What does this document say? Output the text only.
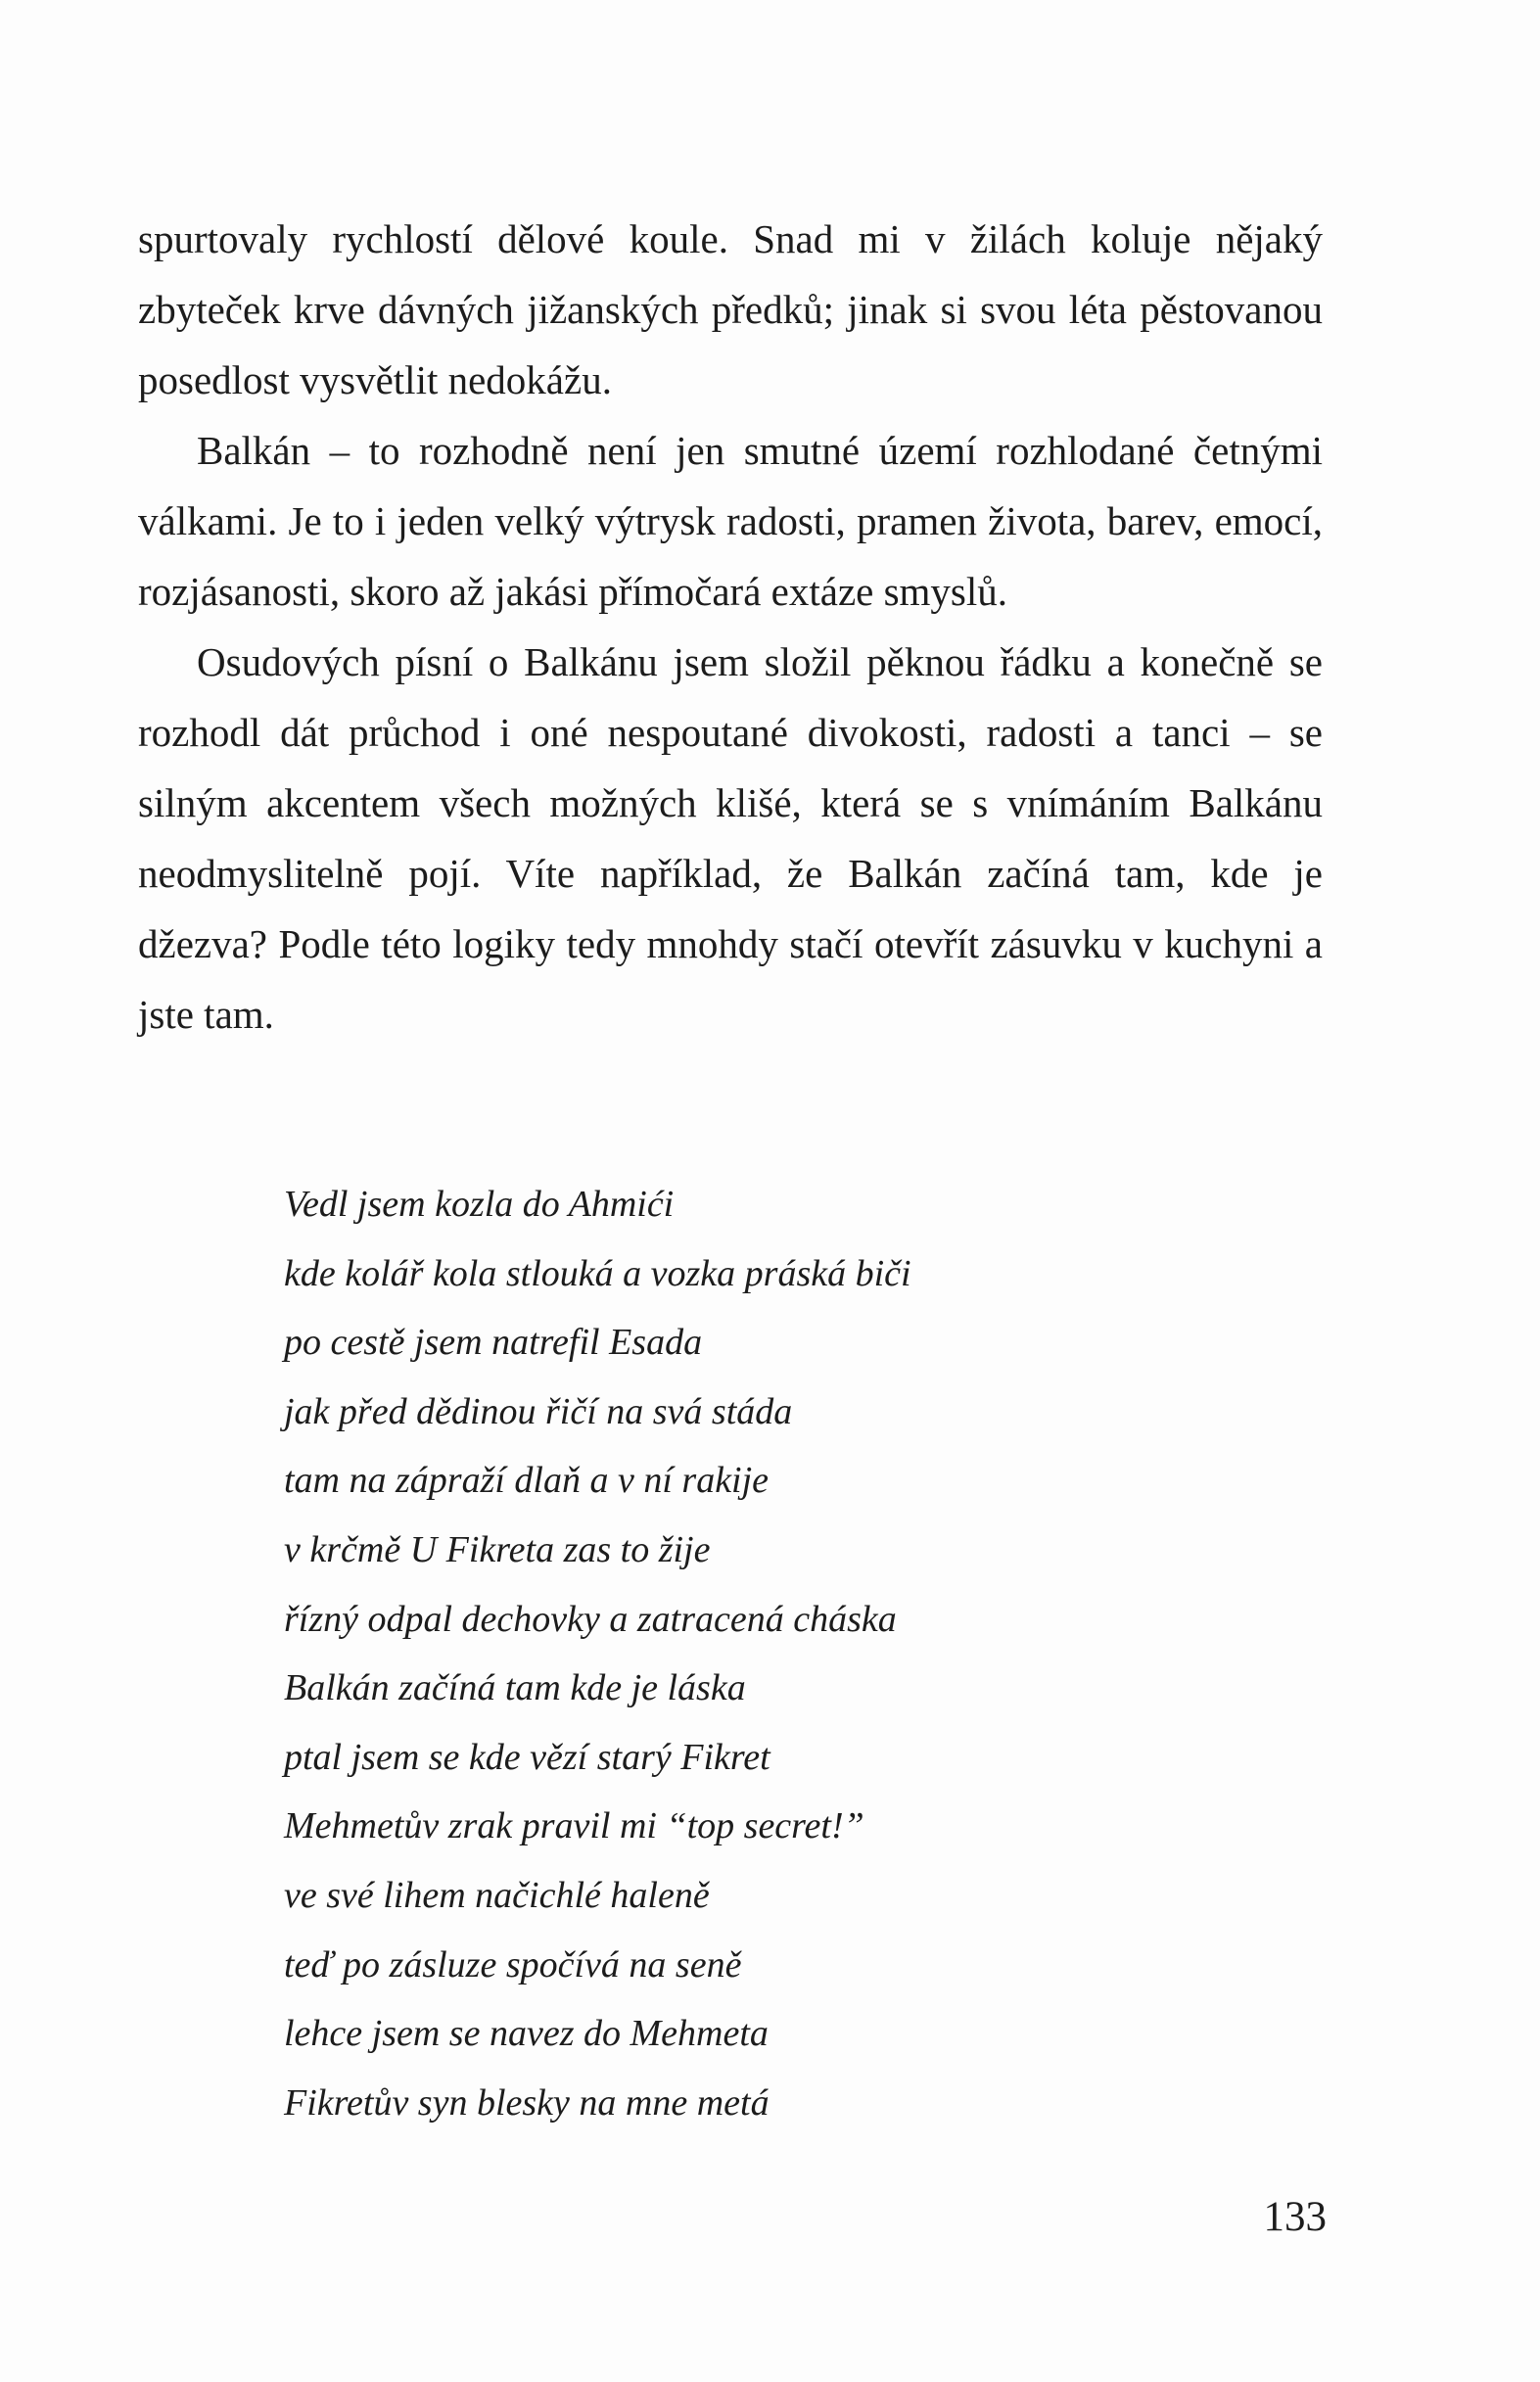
spurtovaly rychlostí dělové koule. Snad mi v žilách koluje nějaký zbyteček krve dávných jižanských předků; jinak si svou léta pěstovanou posedlost vysvětlit nedokážu.

Balkán – to rozhodně není jen smutné území rozhlodané četnými válkami. Je to i jeden velký výtrysk radosti, pramen života, barev, emocí, rozjásanosti, skoro až jakási přímočará extáze smyslů.

Osudových písní o Balkánu jsem složil pěknou řádku a konečně se rozhodl dát průchod i oné nespoutané divokosti, radosti a tanci – se silným akcentem všech možných klišé, která se s vnímáním Balkánu neodmyslitelně pojí. Víte například, že Balkán začíná tam, kde je džezva? Podle této logiky tedy mnohdy stačí otevřít zásuvku v kuchyni a jste tam.

Vedl jsem kozla do Ahmići
kde kolář kola stlouká a vozka práská biči
po cestě jsem natrefil Esada
jak před dědinou řičí na svá stáda
tam na zápraží dlaň a v ní rakije
v krčmě U Fikreta zas to žije
řízný odpal dechovky a zatracená cháska
Balkán začíná tam kde je láska
ptal jsem se kde vězí starý Fikret
Mehmetův zrak pravil mi “top secret!”
ve své lihem načichlé haleně
teď po zásluze spočívá na seně
lehce jsem se navez do Mehmeta
Fikretův syn blesky na mne metá
133
